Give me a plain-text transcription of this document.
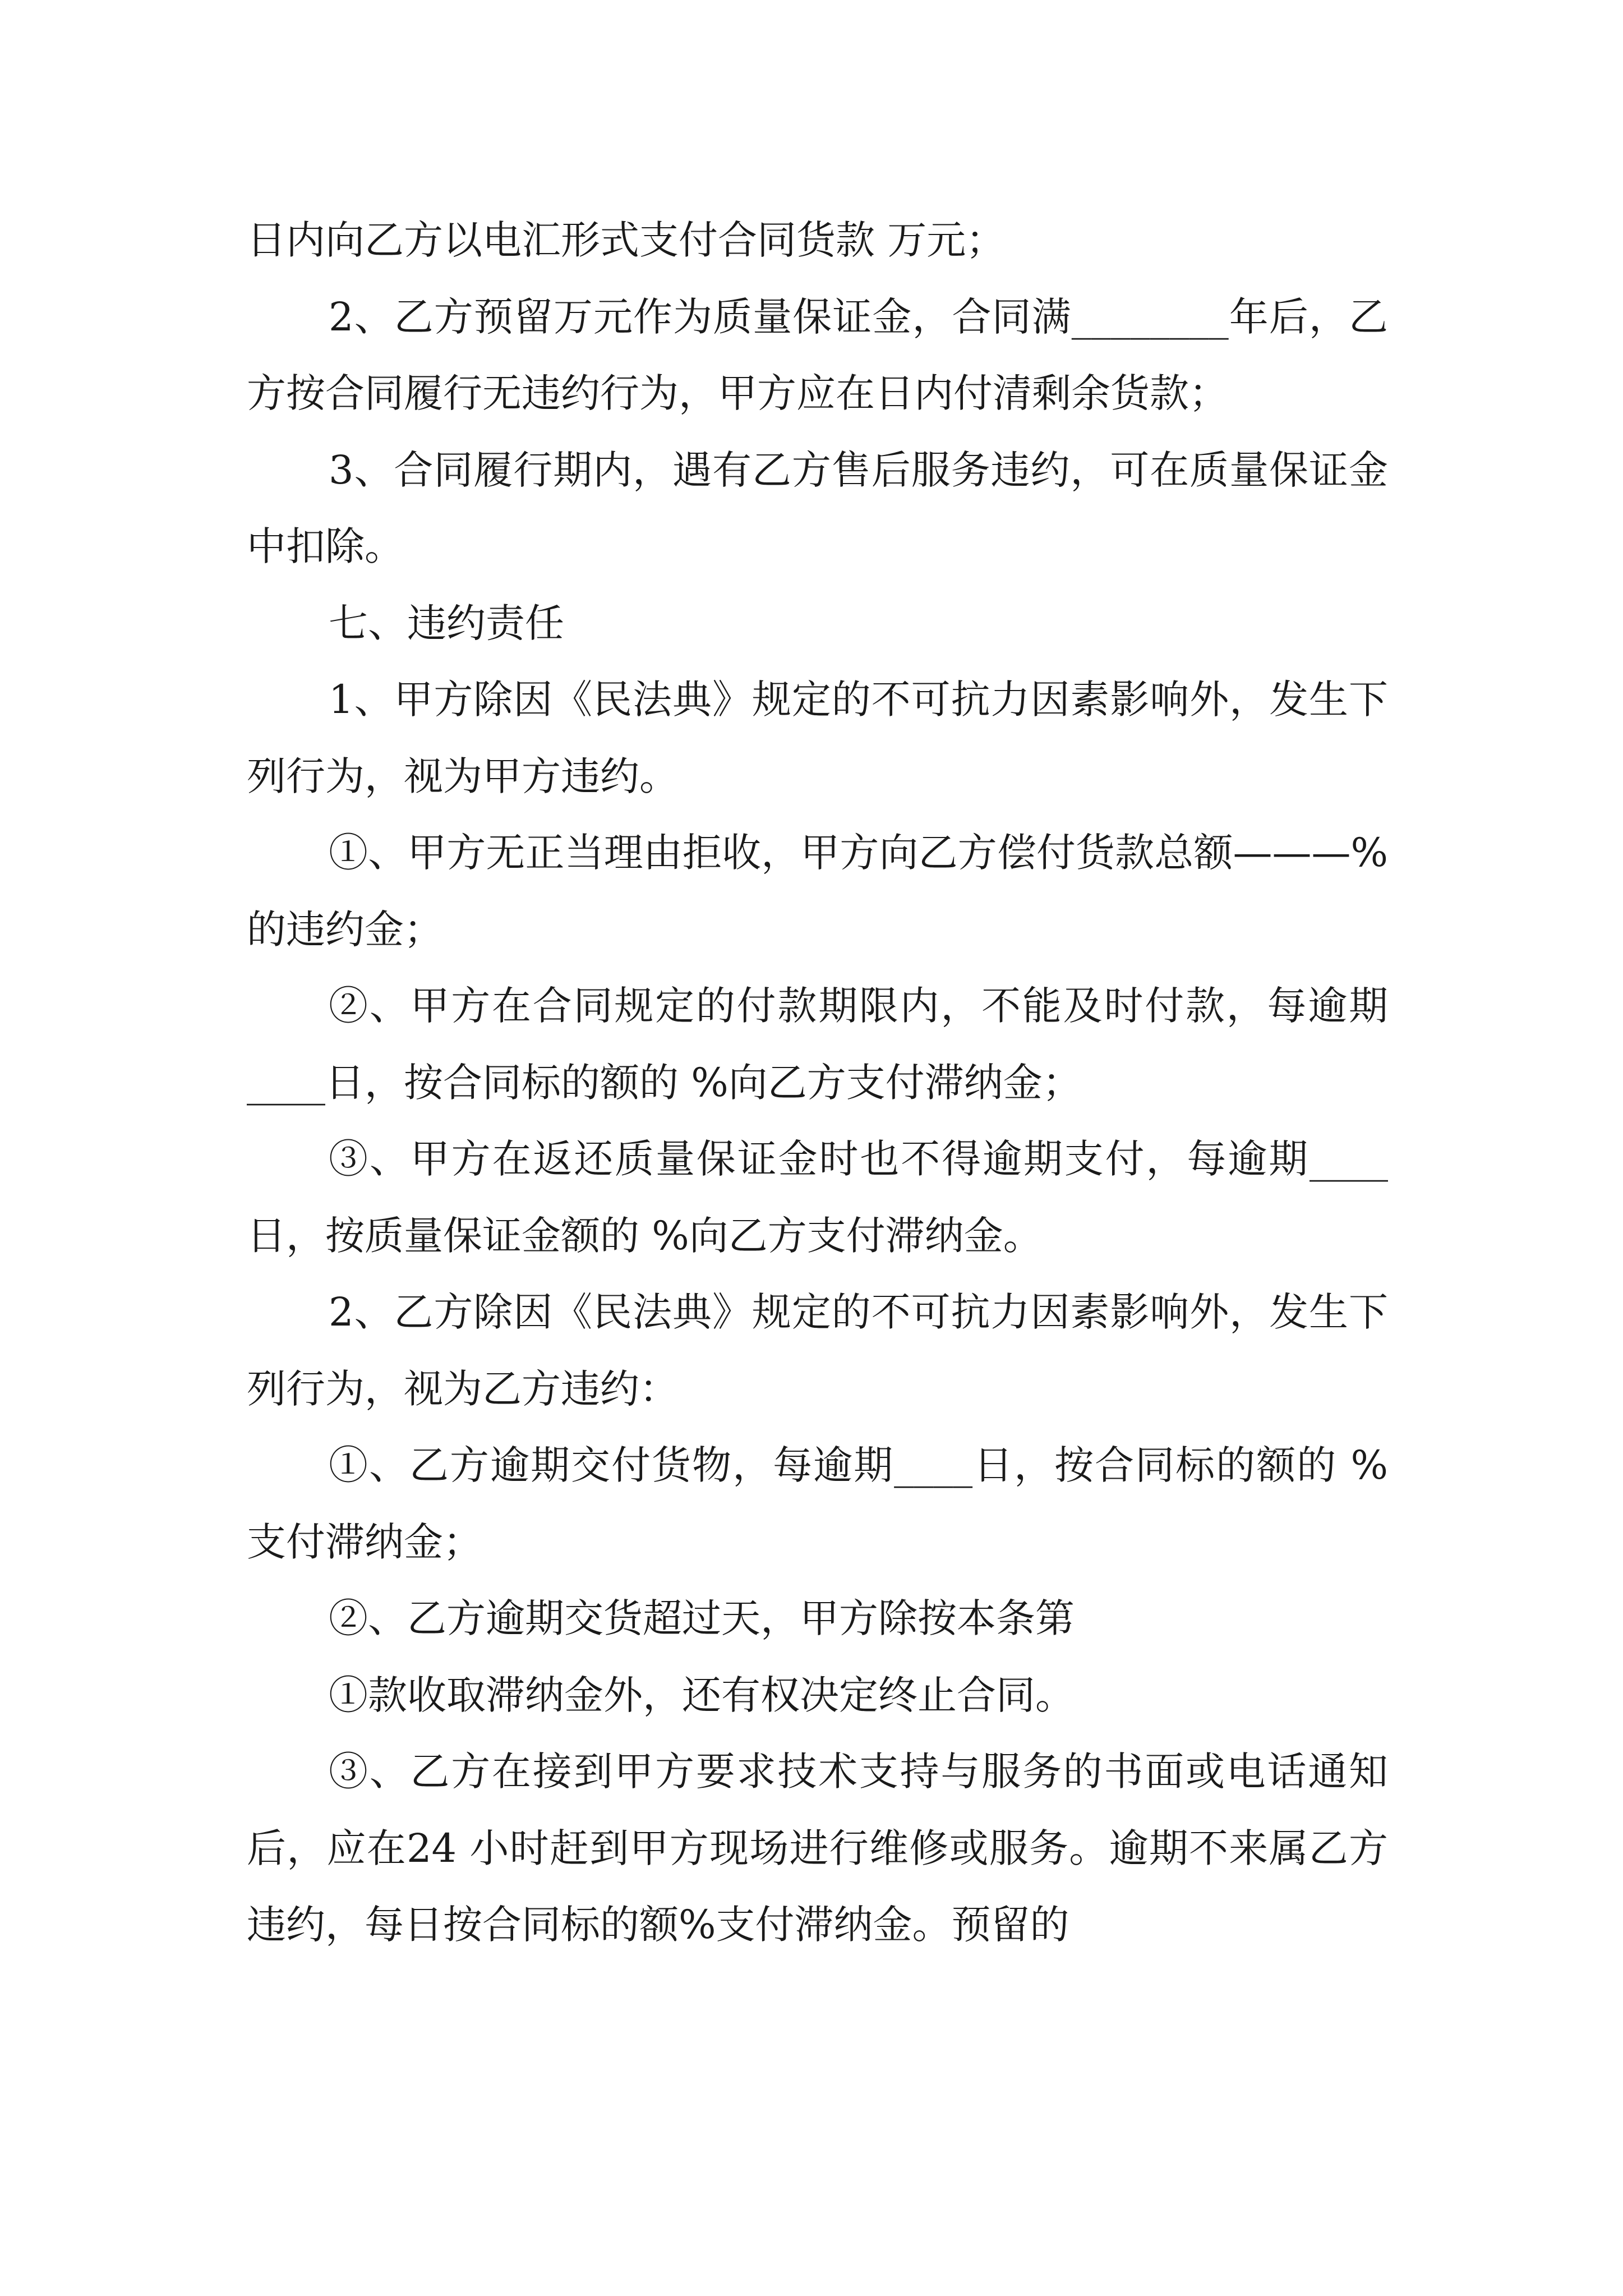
日内向乙方以电汇形式支付合同货款 万元；

2、乙方预留万元作为质量保证金，合同满________年后，乙方按合同履行无违约行为，甲方应在日内付清剩余货款；

3、合同履行期内，遇有乙方售后服务违约，可在质量保证金中扣除。

七、违约责任

1、甲方除因《民法典》规定的不可抗力因素影响外，发生下列行为，视为甲方违约。

①、甲方无正当理由拒收，甲方向乙方偿付货款总额———%的违约金；

②、甲方在合同规定的付款期限内，不能及时付款，每逾期____日，按合同标的额的 %向乙方支付滞纳金；

③、甲方在返还质量保证金时也不得逾期支付，每逾期____日，按质量保证金额的 %向乙方支付滞纳金。

2、乙方除因《民法典》规定的不可抗力因素影响外，发生下列行为，视为乙方违约：

①、乙方逾期交付货物，每逾期____日，按合同标的额的 %支付滞纳金；

②、乙方逾期交货超过天，甲方除按本条第

①款收取滞纳金外，还有权决定终止合同。

③、乙方在接到甲方要求技术支持与服务的书面或电话通知后，应在24 小时赶到甲方现场进行维修或服务。逾期不来属乙方违约，每日按合同标的额%支付滞纳金。预留的
